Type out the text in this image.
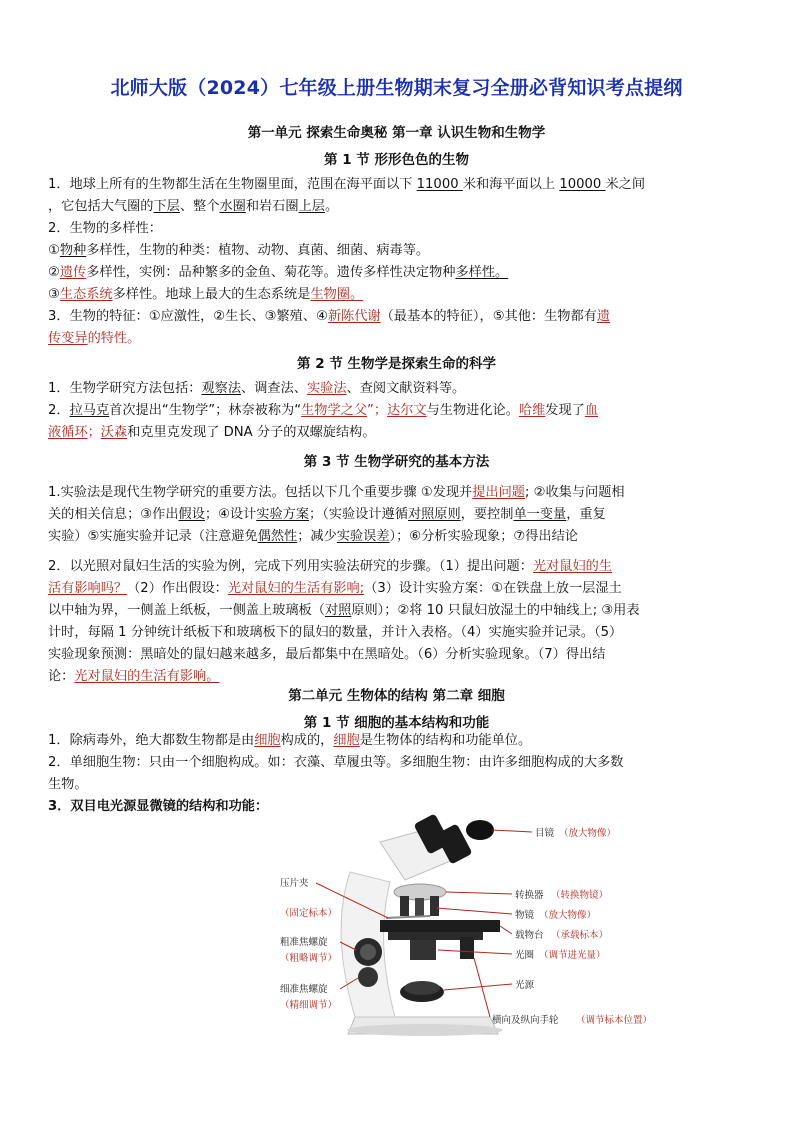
北师大版（2024）七年级上册生物期末复习全册必背知识考点提纲
第一单元 探索生命奥秘 第一章 认识生物和生物学
第 1 节 形形色色的生物
1．地球上所有的生物都生活在生物圈里面，范围在海平面以下 11000 米和海平面以上 10000 米之间
，它包括大气圈的下层、整个水圈和岩石圈上层。
2．生物的多样性：
①物种多样性，生物的种类：植物、动物、真菌、细菌、病毒等。
②遗传多样性，实例：品种繁多的金鱼、菊花等。遗传多样性决定物种多样性。
③生态系统多样性。地球上最大的生态系统是生物圈。
3．生物的特征：①应激性，②生长、③繁殖、④新陈代谢（最基本的特征），⑤其他：生物都有遗
传变异的特性。
第 2 节 生物学是探索生命的科学
1．生物学研究方法包括：观察法、调查法、实验法、查阅文献资料等。
2．拉马克首次提出“生物学”；林奈被称为“生物学之父”；达尔文与生物进化论。哈维发现了血
液循环；沃森和克里克发现了 DNA 分子的双螺旋结构。
第 3 节 生物学研究的基本方法
1.实验法是现代生物学研究的重要方法。包括以下几个重要步骤 ①发现并提出问题; ②收集与问题相
关的相关信息；③作出假设；④设计实验方案；（实验设计遵循对照原则，要控制单一变量，重复
实验）⑤实施实验并记录（注意避免偶然性；减少实验误差）；⑥分析实验现象；⑦得出结论
2．以光照对鼠妇生活的实验为例，完成下列用实验法研究的步骤。（1）提出问题：光对鼠妇的生
活有影响吗？（2）作出假设：光对鼠妇的生活有影响;（3）设计实验方案：①在铁盘上放一层湿土
以中轴为界，一侧盖上纸板，一侧盖上玻璃板（对照原则）；②将 10 只鼠妇放湿土的中轴线上; ③用表
计时，每隔 1 分钟统计纸板下和玻璃板下的鼠妇的数量，并计入表格。（4）实施实验并记录。（5）
实验现象预测：黑暗处的鼠妇越来越多，最后都集中在黑暗处。（6）分析实验现象。（7）得出结
论：光对鼠妇的生活有影响。
第二单元 生物体的结构 第二章 细胞
第 1 节 细胞的基本结构和功能
1．除病毒外，绝大都数生物都是由细胞构成的，细胞是生物体的结构和功能单位。
2．单细胞生物：只由一个细胞构成。如：衣藻、草履虫等。多细胞生物：由许多细胞构成的大多数
生物。
3．双目电光源显微镜的结构和功能：
压片夹
（固定标本）
粗准焦螺旋
（粗略调节）
细准焦螺旋
（精细调节）
目镜 （放大物像）
转换器 （转换物镜）
物镜 （放大物像）
载物台 （承载标本）
光圈 （调节进光量）
光源
横向及纵向手轮 （调节标本位置）
